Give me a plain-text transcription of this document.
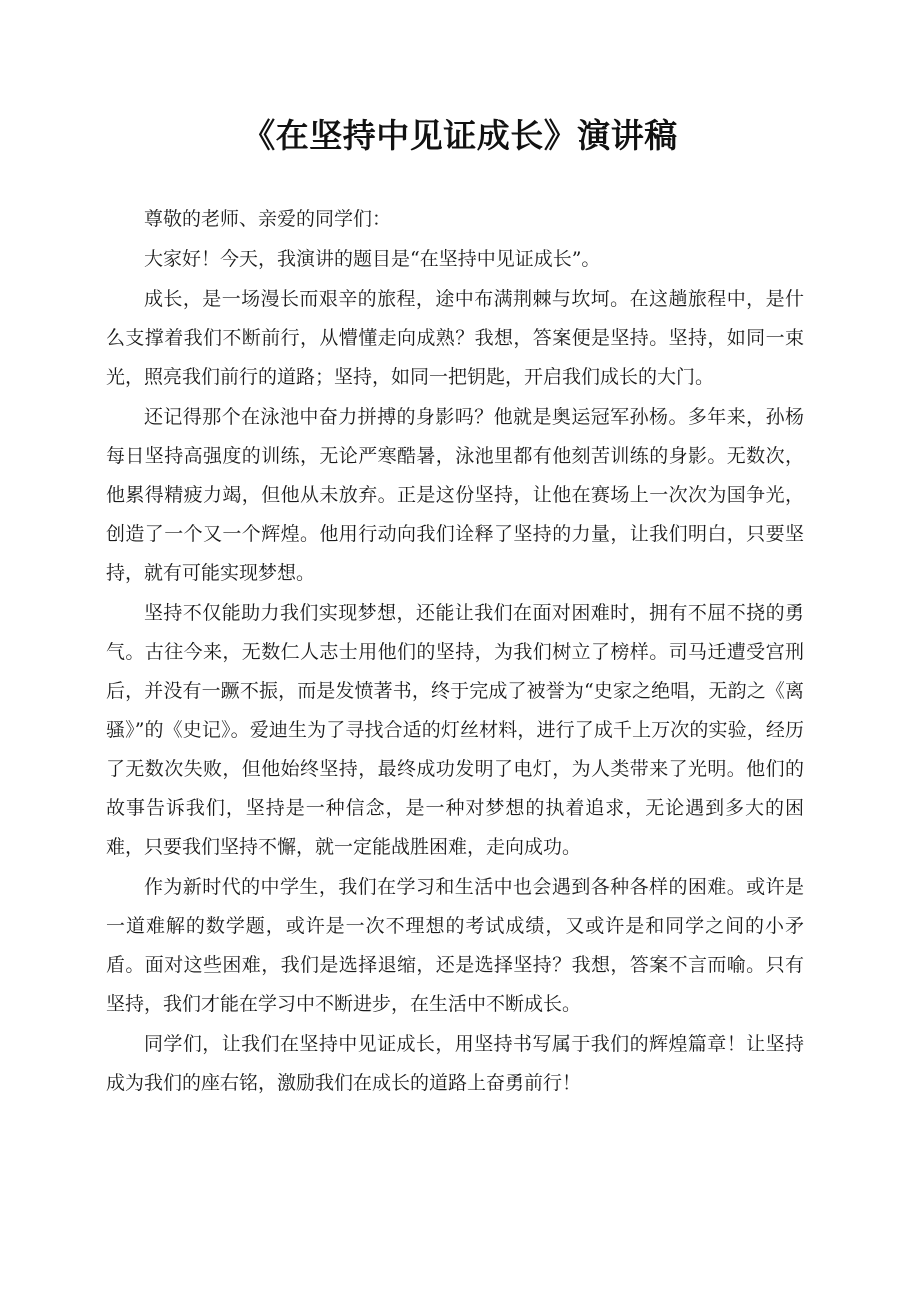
《在坚持中见证成长》演讲稿

尊敬的老师、亲爱的同学们：

大家好！今天，我演讲的题目是“在坚持中见证成长”。

成长，是一场漫长而艰辛的旅程，途中布满荆棘与坎坷。在这趟旅程中，是什么支撑着我们不断前行，从懵懂走向成熟？我想，答案便是坚持。坚持，如同一束光，照亮我们前行的道路；坚持，如同一把钥匙，开启我们成长的大门。

还记得那个在泳池中奋力拼搏的身影吗？他就是奥运冠军孙杨。多年来，孙杨每日坚持高强度的训练，无论严寒酷暑，泳池里都有他刻苦训练的身影。无数次，他累得精疲力竭，但他从未放弃。正是这份坚持，让他在赛场上一次次为国争光，创造了一个又一个辉煌。他用行动向我们诠释了坚持的力量，让我们明白，只要坚持，就有可能实现梦想。

坚持不仅能助力我们实现梦想，还能让我们在面对困难时，拥有不屈不挠的勇气。古往今来，无数仁人志士用他们的坚持，为我们树立了榜样。司马迁遭受宫刑后，并没有一蹶不振，而是发愤著书，终于完成了被誉为“史家之绝唱，无韵之《离骚》”的《史记》。爱迪生为了寻找合适的灯丝材料，进行了成千上万次的实验，经历了无数次失败，但他始终坚持，最终成功发明了电灯，为人类带来了光明。他们的故事告诉我们，坚持是一种信念，是一种对梦想的执着追求，无论遇到多大的困难，只要我们坚持不懈，就一定能战胜困难，走向成功。

作为新时代的中学生，我们在学习和生活中也会遇到各种各样的困难。或许是一道难解的数学题，或许是一次不理想的考试成绩，又或许是和同学之间的小矛盾。面对这些困难，我们是选择退缩，还是选择坚持？我想，答案不言而喻。只有坚持，我们才能在学习中不断进步，在生活中不断成长。

同学们，让我们在坚持中见证成长，用坚持书写属于我们的辉煌篇章！让坚持成为我们的座右铭，激励我们在成长的道路上奋勇前行！
